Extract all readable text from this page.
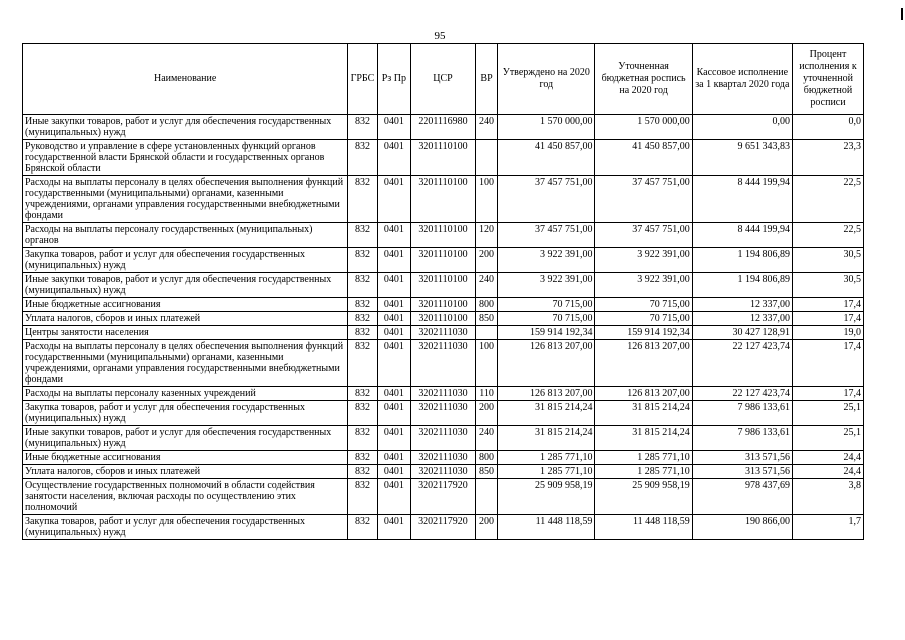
95
Наименование	ГРБС	Рз Пр	ЦСР	ВР	Утверждено на 2020 год	Уточненная бюджетная роспись на 2020 год	Кассовое исполнение за 1 квартал 2020 года	Процент исполнения к уточненной бюджетной росписи
Иные закупки товаров, работ и услуг для обеспечения государственных (муниципальных) нужд	832	0401	2201116980	240	1 570 000,00	1 570 000,00	0,00	0,0
Руководство и управление в сфере установленных функций органов государственной власти Брянской области и государственных органов Брянской области	832	0401	3201110100		41 450 857,00	41 450 857,00	9 651 343,83	23,3
Расходы на выплаты персоналу в целях обеспечения выполнения функций государственными (муниципальными) органами, казенными учреждениями, органами управления государственными внебюджетными фондами	832	0401	3201110100	100	37 457 751,00	37 457 751,00	8 444 199,94	22,5
Расходы на выплаты персоналу государственных (муниципальных) органов	832	0401	3201110100	120	37 457 751,00	37 457 751,00	8 444 199,94	22,5
Закупка товаров, работ и услуг для обеспечения государственных (муниципальных) нужд	832	0401	3201110100	200	3 922 391,00	3 922 391,00	1 194 806,89	30,5
Иные закупки товаров, работ и услуг для обеспечения государственных (муниципальных) нужд	832	0401	3201110100	240	3 922 391,00	3 922 391,00	1 194 806,89	30,5
Иные бюджетные ассигнования	832	0401	3201110100	800	70 715,00	70 715,00	12 337,00	17,4
Уплата налогов, сборов и иных платежей	832	0401	3201110100	850	70 715,00	70 715,00	12 337,00	17,4
Центры занятости населения	832	0401	3202111030		159 914 192,34	159 914 192,34	30 427 128,91	19,0
Расходы на выплаты персоналу в целях обеспечения выполнения функций государственными (муниципальными) органами, казенными учреждениями, органами управления государственными внебюджетными фондами	832	0401	3202111030	100	126 813 207,00	126 813 207,00	22 127 423,74	17,4
Расходы на выплаты персоналу казенных учреждений	832	0401	3202111030	110	126 813 207,00	126 813 207,00	22 127 423,74	17,4
Закупка товаров, работ и услуг для обеспечения государственных (муниципальных) нужд	832	0401	3202111030	200	31 815 214,24	31 815 214,24	7 986 133,61	25,1
Иные закупки товаров, работ и услуг для обеспечения государственных (муниципальных) нужд	832	0401	3202111030	240	31 815 214,24	31 815 214,24	7 986 133,61	25,1
Иные бюджетные ассигнования	832	0401	3202111030	800	1 285 771,10	1 285 771,10	313 571,56	24,4
Уплата налогов, сборов и иных платежей	832	0401	3202111030	850	1 285 771,10	1 285 771,10	313 571,56	24,4
Осуществление государственных полномочий в области содействия занятости населения, включая расходы по осуществлению этих полномочий	832	0401	3202117920		25 909 958,19	25 909 958,19	978 437,69	3,8
Закупка товаров, работ и услуг для обеспечения государственных (муниципальных) нужд	832	0401	3202117920	200	11 448 118,59	11 448 118,59	190 866,00	1,7
